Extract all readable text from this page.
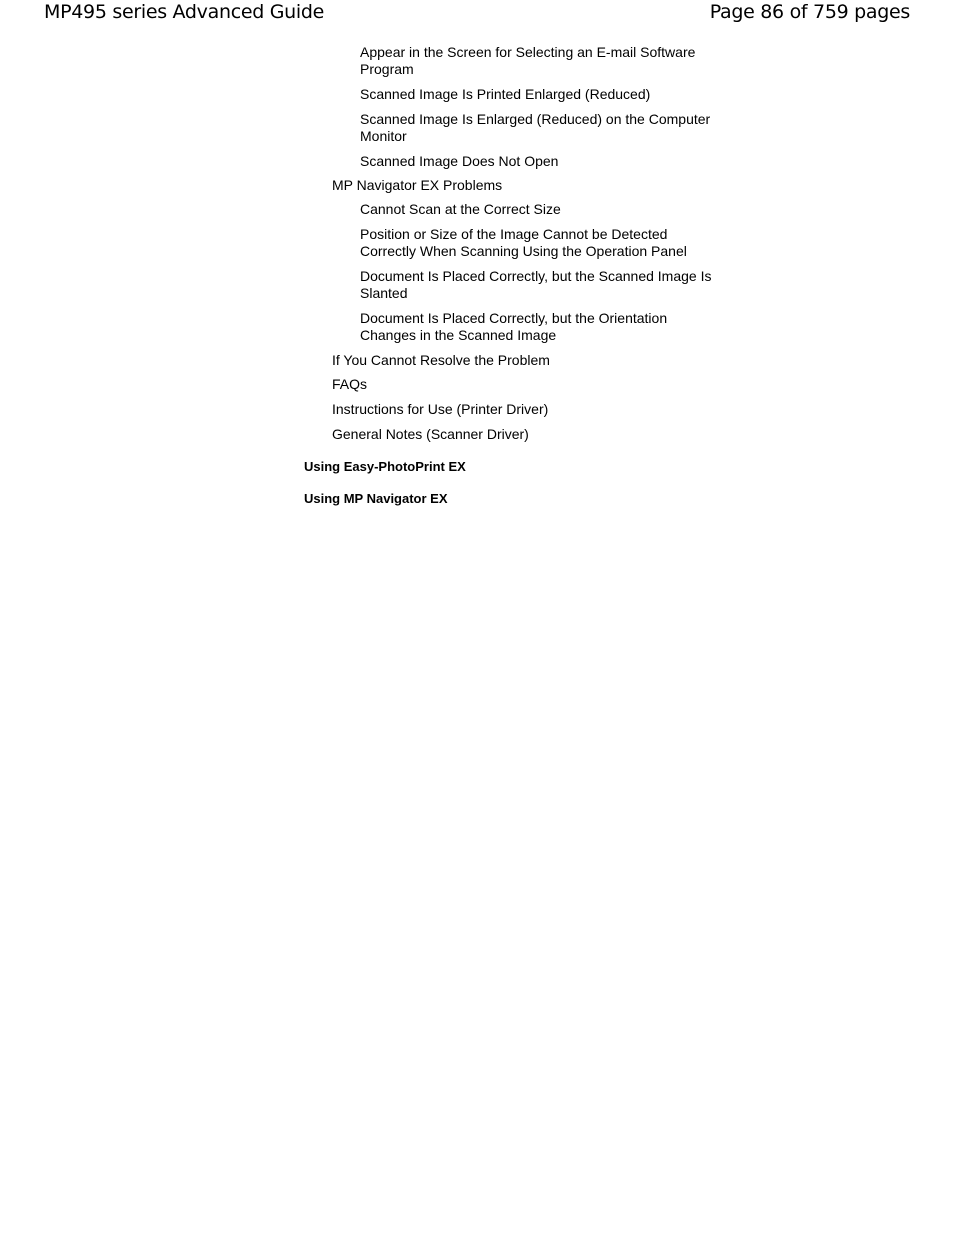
MP495 series Advanced Guide	Page 86 of 759 pages
Appear in the Screen for Selecting an E-mail Software
Program
Scanned Image Is Printed Enlarged (Reduced)
Scanned Image Is Enlarged (Reduced) on the Computer
Monitor
Scanned Image Does Not Open
MP Navigator EX Problems
Cannot Scan at the Correct Size
Position or Size of the Image Cannot be Detected
Correctly When Scanning Using the Operation Panel
Document Is Placed Correctly, but the Scanned Image Is
Slanted
Document Is Placed Correctly, but the Orientation
Changes in the Scanned Image
If You Cannot Resolve the Problem
FAQs
Instructions for Use (Printer Driver)
General Notes (Scanner Driver)
Using Easy-PhotoPrint EX
Using MP Navigator EX
